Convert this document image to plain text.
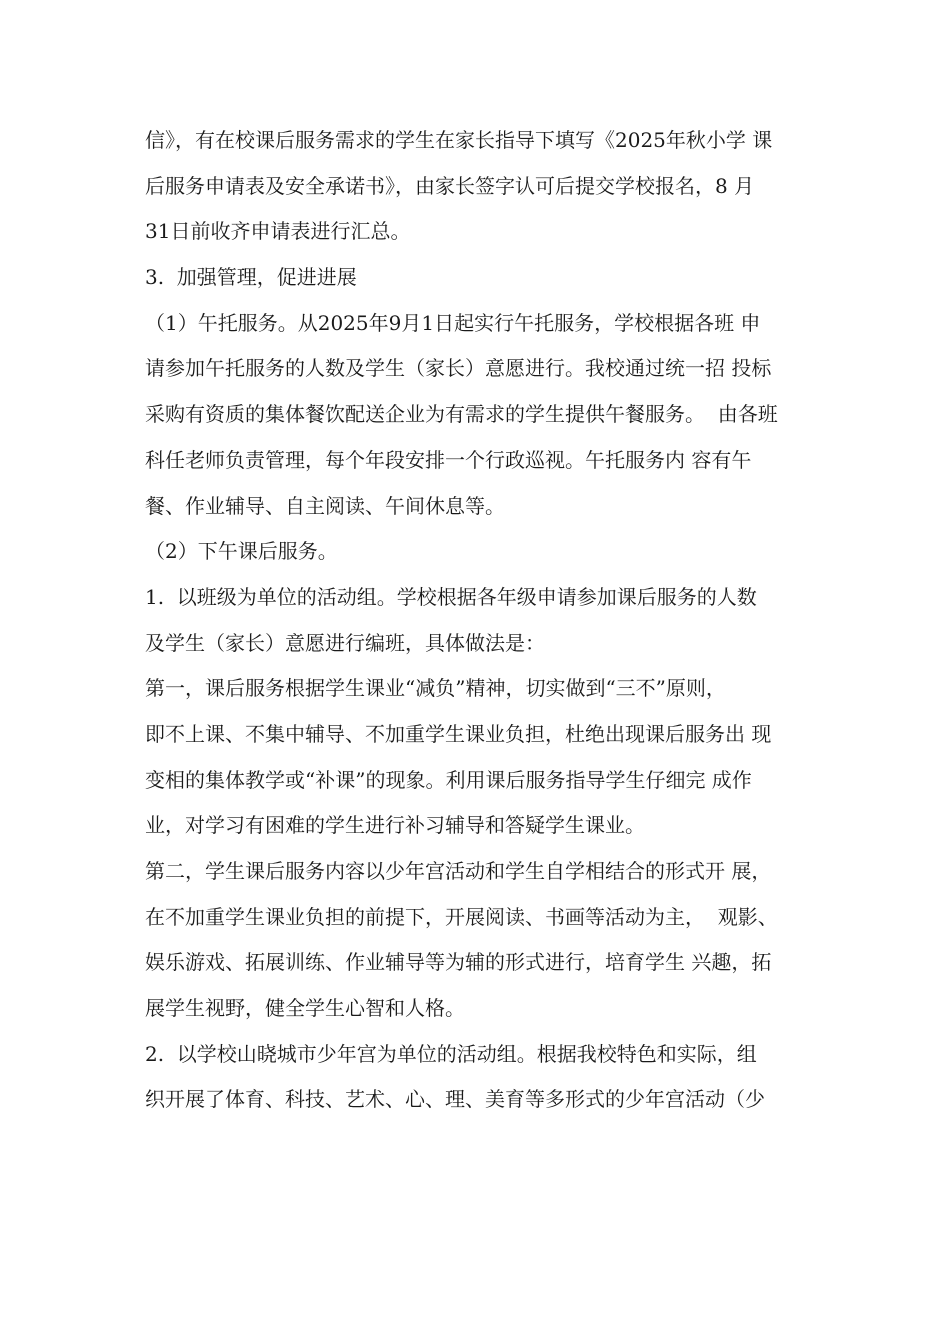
信》，有在校课后服务需求的学生在家长指导下填写《2025年秋小学 课
后服务申请表及安全承诺书》，由家长签字认可后提交学校报名，8 月
31日前收齐申请表进行汇总。
3.  加强管理，促进进展
（1）午托服务。从2025年9月1日起实行午托服务，学校根据各班 申
请参加午托服务的人数及学生（家长）意愿进行。我校通过统一招 投标
采购有资质的集体餐饮配送企业为有需求的学生提供午餐服务。  由各班
科任老师负责管理，每个年段安排一个行政巡视。午托服务内 容有午
餐、作业辅导、自主阅读、午间休息等。
（2）下午课后服务。
1.  以班级为单位的活动组。学校根据各年级申请参加课后服务的人数
及学生（家长）意愿进行编班，具体做法是：
第一，课后服务根据学生课业“减负”精神，切实做到“三不”原则，
即不上课、不集中辅导、不加重学生课业负担，杜绝出现课后服务出 现
变相的集体教学或“补课”的现象。利用课后服务指导学生仔细完 成作
业，对学习有困难的学生进行补习辅导和答疑学生课业。
第二，学生课后服务内容以少年宫活动和学生自学相结合的形式开 展，
在不加重学生课业负担的前提下，开展阅读、书画等活动为主，  观影、
娱乐游戏、拓展训练、作业辅导等为辅的形式进行，培育学生 兴趣，拓
展学生视野，健全学生心智和人格。
2.  以学校山晓城市少年宫为单位的活动组。根据我校特色和实际，组
织开展了体育、科技、艺术、心、理、美育等多形式的少年宫活动（少
